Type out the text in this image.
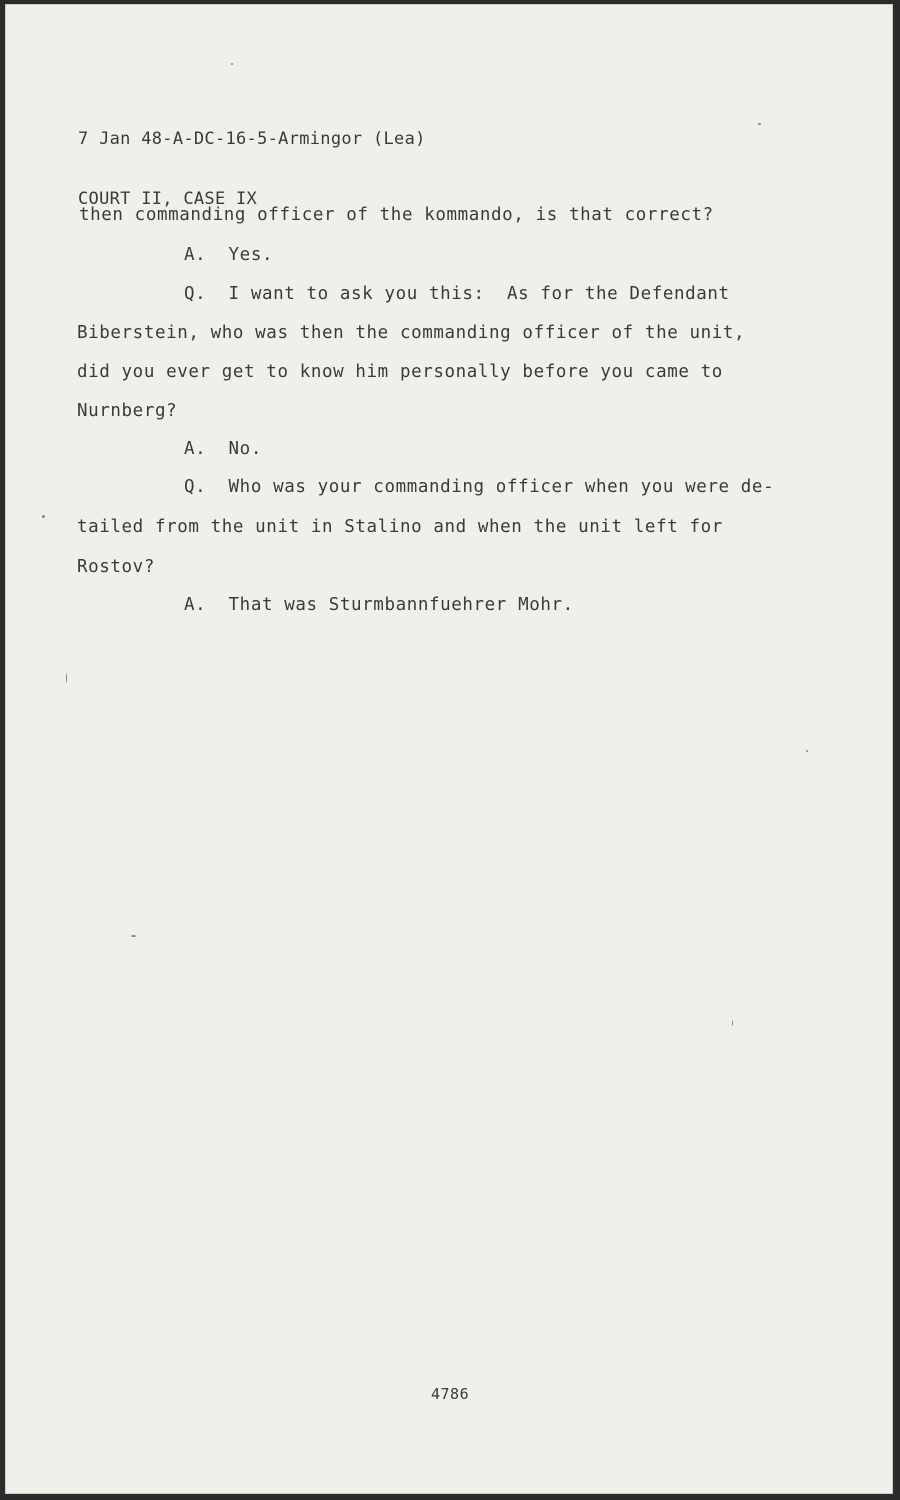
7 Jan 48-A-DC-16-5-Armingor (Lea)

COURT II, CASE IX

then commanding officer of the kommando, is that correct?
A.  Yes.
Q.  I want to ask you this:  As for the Defendant
Biberstein, who was then the commanding officer of the unit,
did you ever get to know him personally before you came to
Nurnberg?
A.  No.
Q.  Who was your commanding officer when you were de-
tailed from the unit in Stalino and when the unit left for
Rostov?
A.  That was Sturmbannfuehrer Mohr.
4786
